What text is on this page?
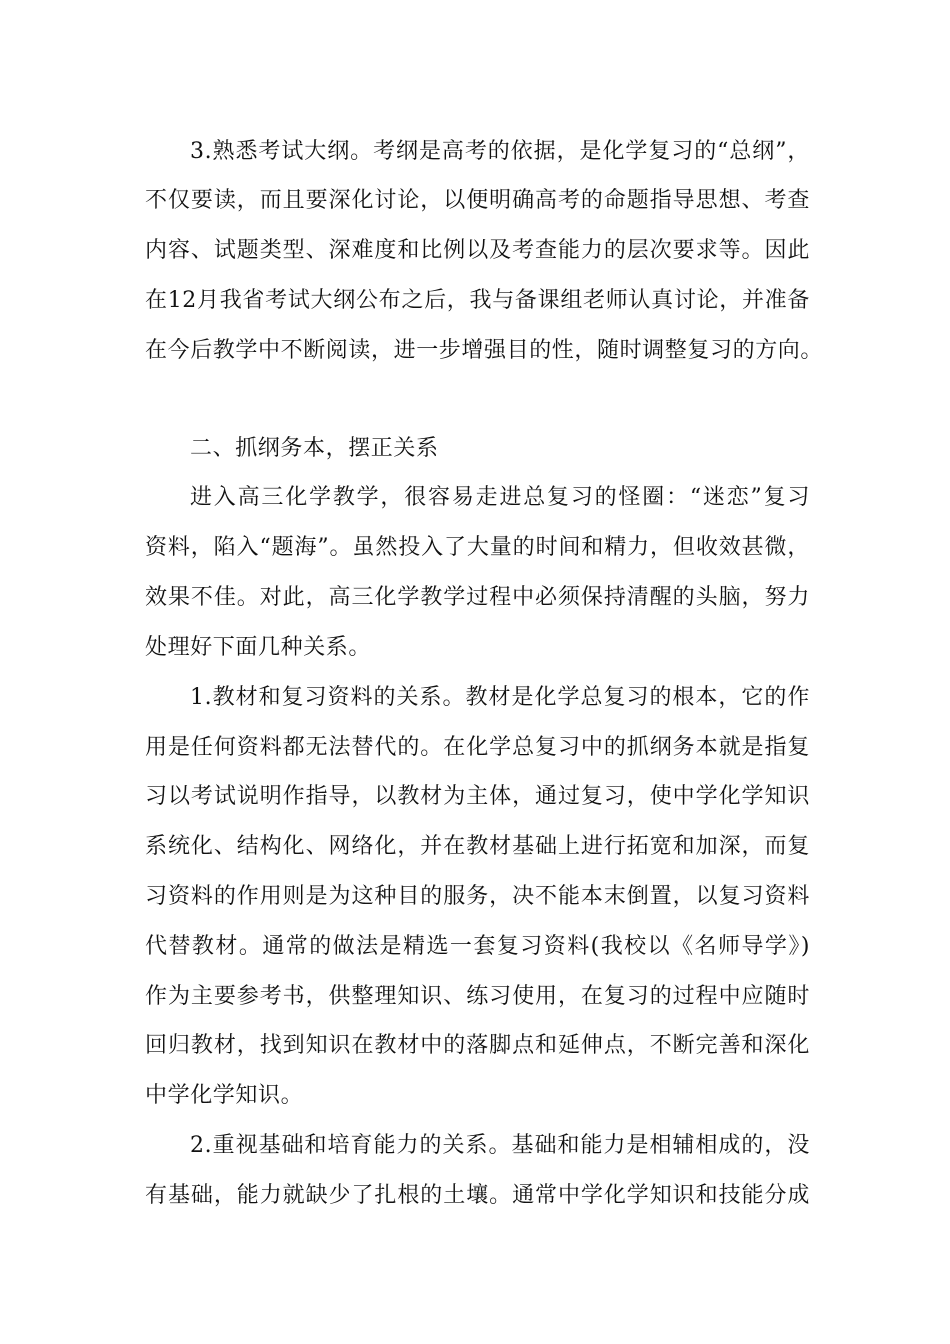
3.熟悉考试大纲。考纲是高考的依据，是化学复习的“总纲”，
不仅要读，而且要深化讨论，以便明确高考的命题指导思想、考查
内容、试题类型、深难度和比例以及考查能力的层次要求等。因此
在12月我省考试大纲公布之后，我与备课组老师认真讨论，并准备
在今后教学中不断阅读，进一步增强目的性，随时调整复习的方向。
二、抓纲务本，摆正关系
进入高三化学教学，很容易走进总复习的怪圈：“迷恋”复习
资料，陷入“题海”。虽然投入了大量的时间和精力，但收效甚微，
效果不佳。对此，高三化学教学过程中必须保持清醒的头脑，努力
处理好下面几种关系。
1.教材和复习资料的关系。教材是化学总复习的根本，它的作
用是任何资料都无法替代的。在化学总复习中的抓纲务本就是指复
习以考试说明作指导，以教材为主体，通过复习，使中学化学知识
系统化、结构化、网络化，并在教材基础上进行拓宽和加深，而复
习资料的作用则是为这种目的服务，决不能本末倒置，以复习资料
代替教材。通常的做法是精选一套复习资料(我校以《名师导学》)
作为主要参考书，供整理知识、练习使用，在复习的过程中应随时
回归教材，找到知识在教材中的落脚点和延伸点，不断完善和深化
中学化学知识。
2.重视基础和培育能力的关系。基础和能力是相辅相成的，没
有基础，能力就缺少了扎根的土壤。通常中学化学知识和技能分成
